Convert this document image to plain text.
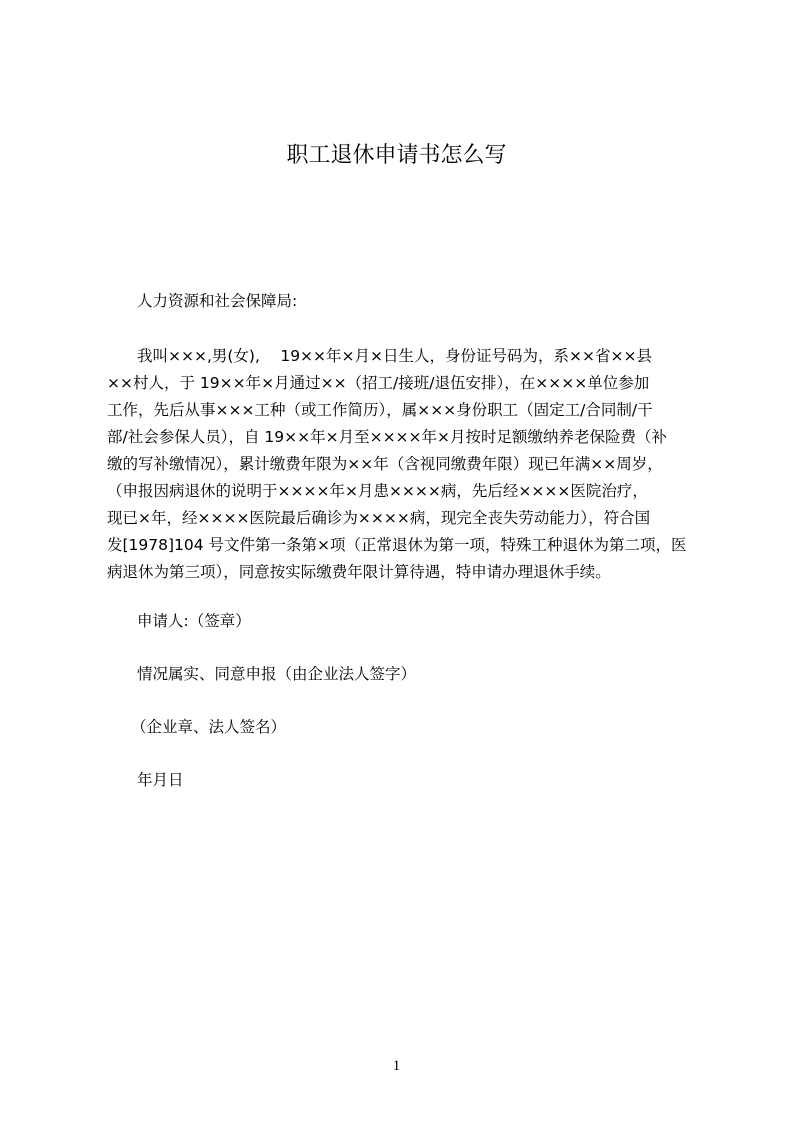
职工退休申请书怎么写
人力资源和社会保障局:
我叫×××,男(女),　 19××年×月×日生人，身份证号码为，系××省××县
××村人，于 19××年×月通过××（招工/接班/退伍安排），在××××单位参加
工作，先后从事×××工种（或工作简历），属×××身份职工（固定工/合同制/干
部/社会参保人员），自 19××年×月至××××年×月按时足额缴纳养老保险费（补
缴的写补缴情况），累计缴费年限为××年（含视同缴费年限）现已年满××周岁，
（申报因病退休的说明于××××年×月患××××病，先后经××××医院治疗，
现已×年，经××××医院最后确诊为××××病，现完全丧失劳动能力），符合国
发[1978]104 号文件第一条第×项（正常退休为第一项，特殊工种退休为第二项，医
病退休为第三项），同意按实际缴费年限计算待遇，特申请办理退休手续。
申请人:（签章）
情况属实、同意申报（由企业法人签字）
（企业章、法人签名）
年月日
1
